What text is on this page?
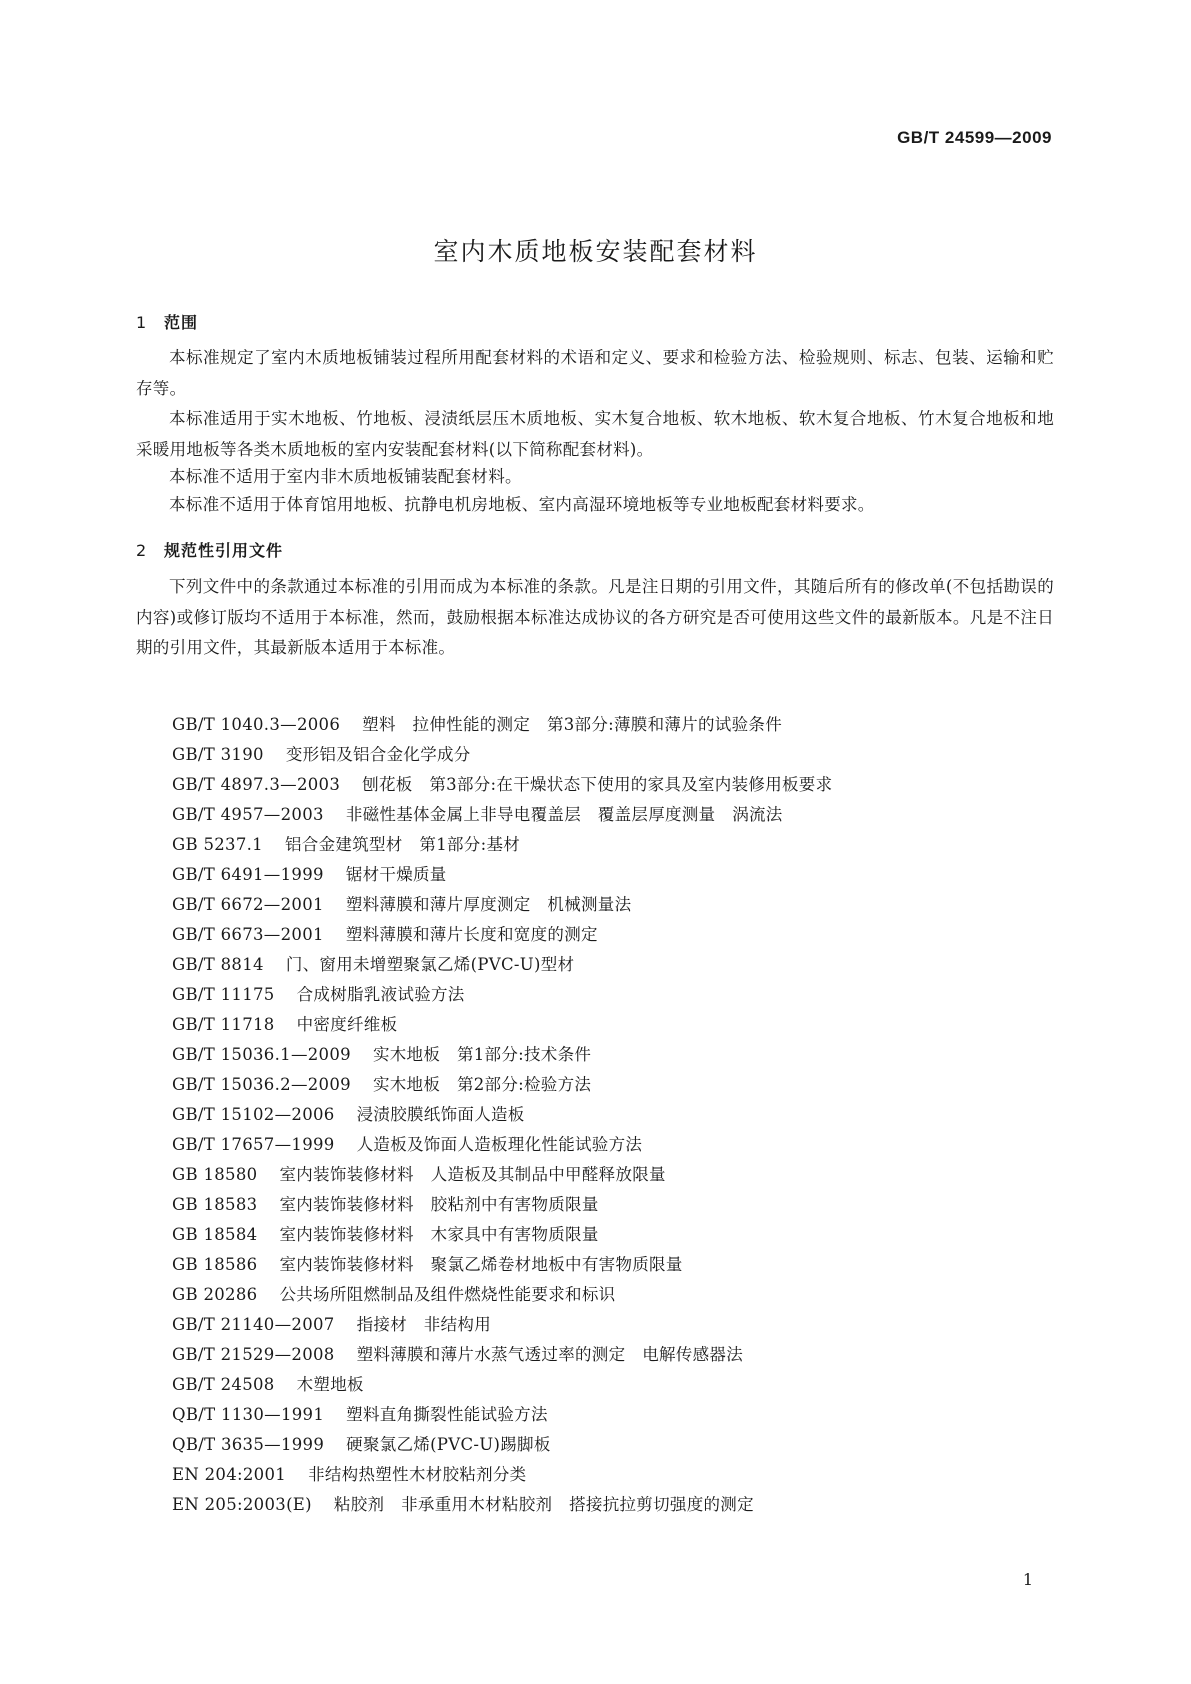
GB/T 24599—2009
室内木质地板安装配套材料
1 范围

本标准规定了室内木质地板铺装过程所用配套材料的术语和定义、要求和检验方法、检验规则、标志、包装、运输和贮存等。

本标准适用于实木地板、竹地板、浸渍纸层压木质地板、实木复合地板、软木地板、软木复合地板、竹木复合地板和地采暖用地板等各类木质地板的室内安装配套材料(以下简称配套材料)。

本标准不适用于室内非木质地板铺装配套材料。

本标准不适用于体育馆用地板、抗静电机房地板、室内高湿环境地板等专业地板配套材料要求。

2 规范性引用文件

下列文件中的条款通过本标准的引用而成为本标准的条款。凡是注日期的引用文件，其随后所有的修改单(不包括勘误的内容)或修订版均不适用于本标准，然而，鼓励根据本标准达成协议的各方研究是否可使用这些文件的最新版本。凡是不注日期的引用文件，其最新版本适用于本标准。

GB/T 1040.3—2006 塑料　拉伸性能的测定　第3部分:薄膜和薄片的试验条件
GB/T 3190 变形铝及铝合金化学成分
GB/T 4897.3—2003 刨花板　第3部分:在干燥状态下使用的家具及室内装修用板要求
GB/T 4957—2003 非磁性基体金属上非导电覆盖层　覆盖层厚度测量　涡流法
GB 5237.1 铝合金建筑型材　第1部分:基材
GB/T 6491—1999 锯材干燥质量
GB/T 6672—2001 塑料薄膜和薄片厚度测定　机械测量法
GB/T 6673—2001 塑料薄膜和薄片长度和宽度的测定
GB/T 8814 门、窗用未增塑聚氯乙烯(PVC-U)型材
GB/T 11175 合成树脂乳液试验方法
GB/T 11718 中密度纤维板
GB/T 15036.1—2009 实木地板　第1部分:技术条件
GB/T 15036.2—2009 实木地板　第2部分:检验方法
GB/T 15102—2006 浸渍胶膜纸饰面人造板
GB/T 17657—1999 人造板及饰面人造板理化性能试验方法
GB 18580 室内装饰装修材料　人造板及其制品中甲醛释放限量
GB 18583 室内装饰装修材料　胶粘剂中有害物质限量
GB 18584 室内装饰装修材料　木家具中有害物质限量
GB 18586 室内装饰装修材料　聚氯乙烯卷材地板中有害物质限量
GB 20286 公共场所阻燃制品及组件燃烧性能要求和标识
GB/T 21140—2007 指接材　非结构用
GB/T 21529—2008 塑料薄膜和薄片水蒸气透过率的测定　电解传感器法
GB/T 24508 木塑地板
QB/T 1130—1991 塑料直角撕裂性能试验方法
QB/T 3635—1999 硬聚氯乙烯(PVC-U)踢脚板
EN 204:2001 非结构热塑性木材胶粘剂分类
EN 205:2003(E) 粘胶剂　非承重用木材粘胶剂　搭接抗拉剪切强度的测定
1
